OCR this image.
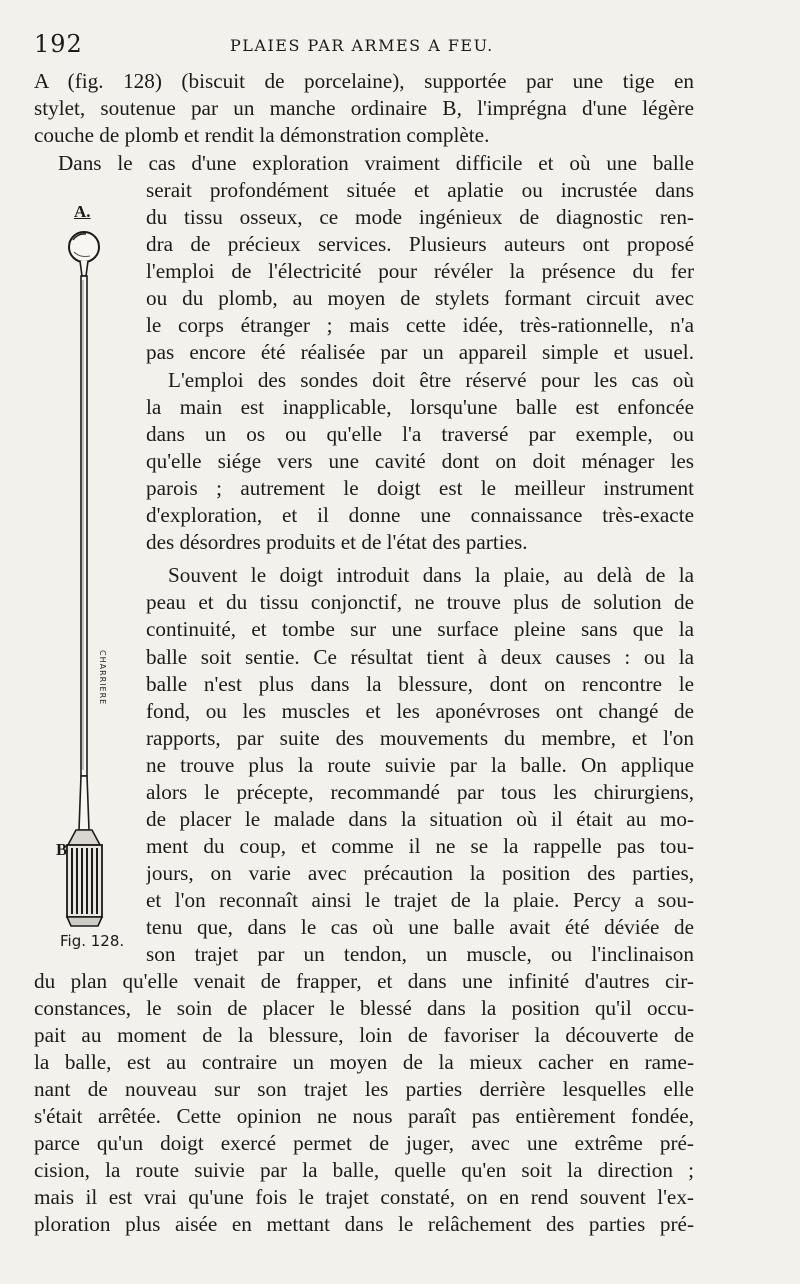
192	PLAIES PAR ARMES A FEU.
A.
CHARRIERE
B
Fig. 128.
A (fig. 128) (biscuit de porcelaine), supportée par une tige en
stylet, soutenue par un manche ordinaire B, l'imprégna d'une légère
couche de plomb et rendit la démonstration complète.
Dans le cas d'une exploration vraiment difficile et où une balle
serait profondément située et aplatie ou incrustée dans
du tissu osseux, ce mode ingénieux de diagnostic ren-
dra de précieux services. Plusieurs auteurs ont proposé
l'emploi de l'électricité pour révéler la présence du fer
ou du plomb, au moyen de stylets formant circuit avec
le corps étranger ; mais cette idée, très-rationnelle, n'a
pas encore été réalisée par un appareil simple et usuel.
L'emploi des sondes doit être réservé pour les cas où
la main est inapplicable, lorsqu'une balle est enfoncée
dans un os ou qu'elle l'a traversé par exemple, ou
qu'elle siége vers une cavité dont on doit ménager les
parois ; autrement le doigt est le meilleur instrument
d'exploration, et il donne une connaissance très-exacte
des désordres produits et de l'état des parties.
Souvent le doigt introduit dans la plaie, au delà de la
peau et du tissu conjonctif, ne trouve plus de solution de
continuité, et tombe sur une surface pleine sans que la
balle soit sentie. Ce résultat tient à deux causes : ou la
balle n'est plus dans la blessure, dont on rencontre le
fond, ou les muscles et les aponévroses ont changé de
rapports, par suite des mouvements du membre, et l'on
ne trouve plus la route suivie par la balle. On applique
alors le précepte, recommandé par tous les chirurgiens,
de placer le malade dans la situation où il était au mo-
ment du coup, et comme il ne se la rappelle pas tou-
jours, on varie avec précaution la position des parties,
et l'on reconnaît ainsi le trajet de la plaie. Percy a sou-
tenu que, dans le cas où une balle avait été déviée de
son trajet par un tendon, un muscle, ou l'inclinaison
du plan qu'elle venait de frapper, et dans une infinité d'autres cir-
constances, le soin de placer le blessé dans la position qu'il occu-
pait au moment de la blessure, loin de favoriser la découverte de
la balle, est au contraire un moyen de la mieux cacher en rame-
nant de nouveau sur son trajet les parties derrière lesquelles elle
s'était arrêtée. Cette opinion ne nous paraît pas entièrement fondée,
parce qu'un doigt exercé permet de juger, avec une extrême pré-
cision, la route suivie par la balle, quelle qu'en soit la direction ;
mais il est vrai qu'une fois le trajet constaté, on en rend souvent l'ex-
ploration plus aisée en mettant dans le relâchement des parties pré-
